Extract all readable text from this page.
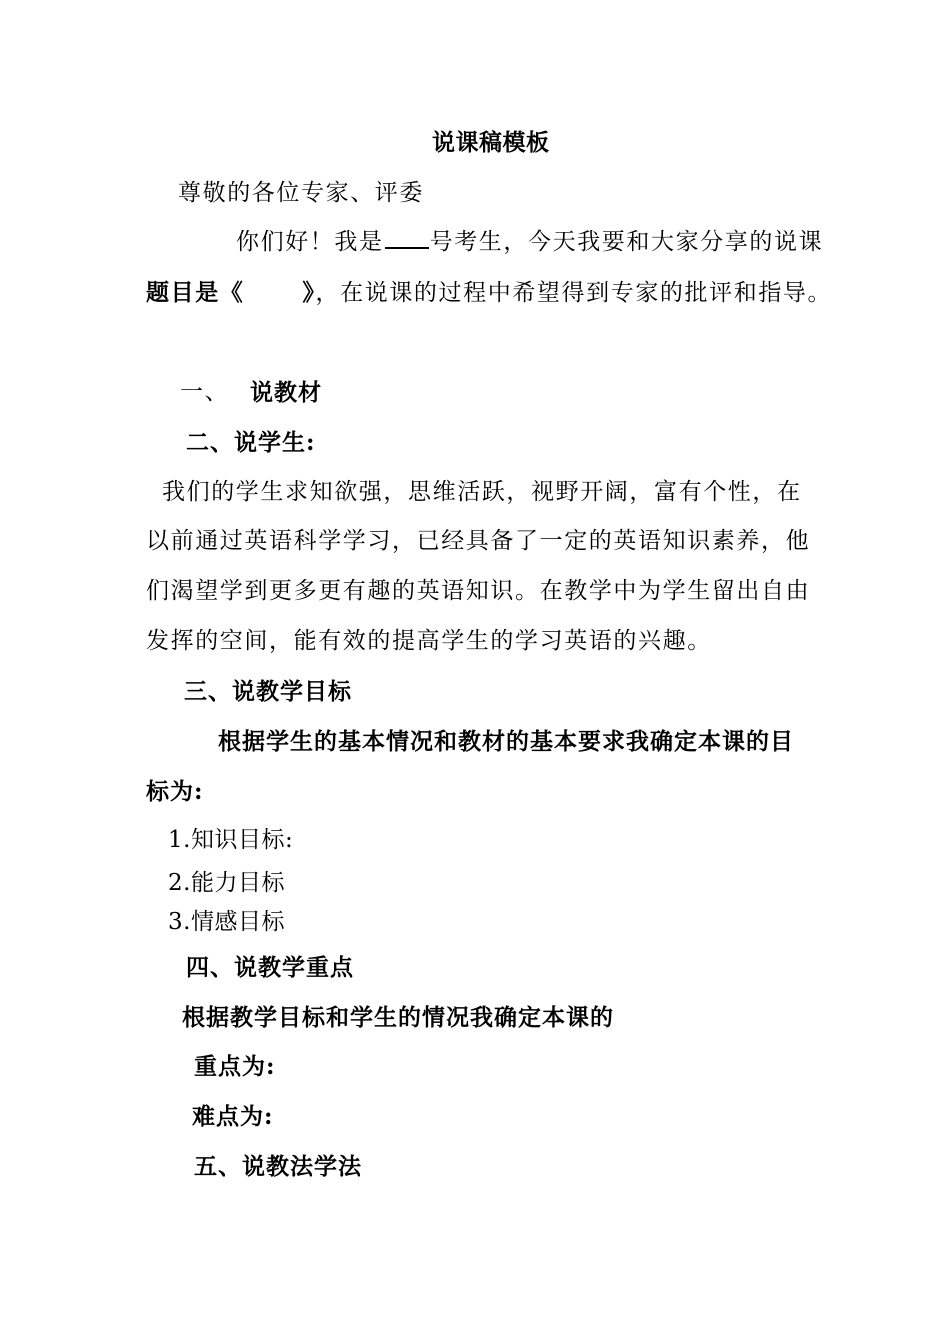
说课稿模板
尊敬的各位专家、评委
你们好！我是 号考生，今天我要和大家分享的说课
题目是《	》，在说课的过程中希望得到专家的批评和指导。
一、 说教材
二、说学生:
我们的学生求知欲强，思维活跃，视野开阔，富有个性，在
以前通过英语科学学习，已经具备了一定的英语知识素养，他
们渴望学到更多更有趣的英语知识。在教学中为学生留出自由
发挥的空间，能有效的提高学生的学习英语的兴趣。
三、说教学目标
根据学生的基本情况和教材的基本要求我确定本课的目
标为:
1.知识目标:
2.能力目标
3.情感目标
四、说教学重点
根据教学目标和学生的情况我确定本课的
重点为:
难点为:
五、说教法学法
